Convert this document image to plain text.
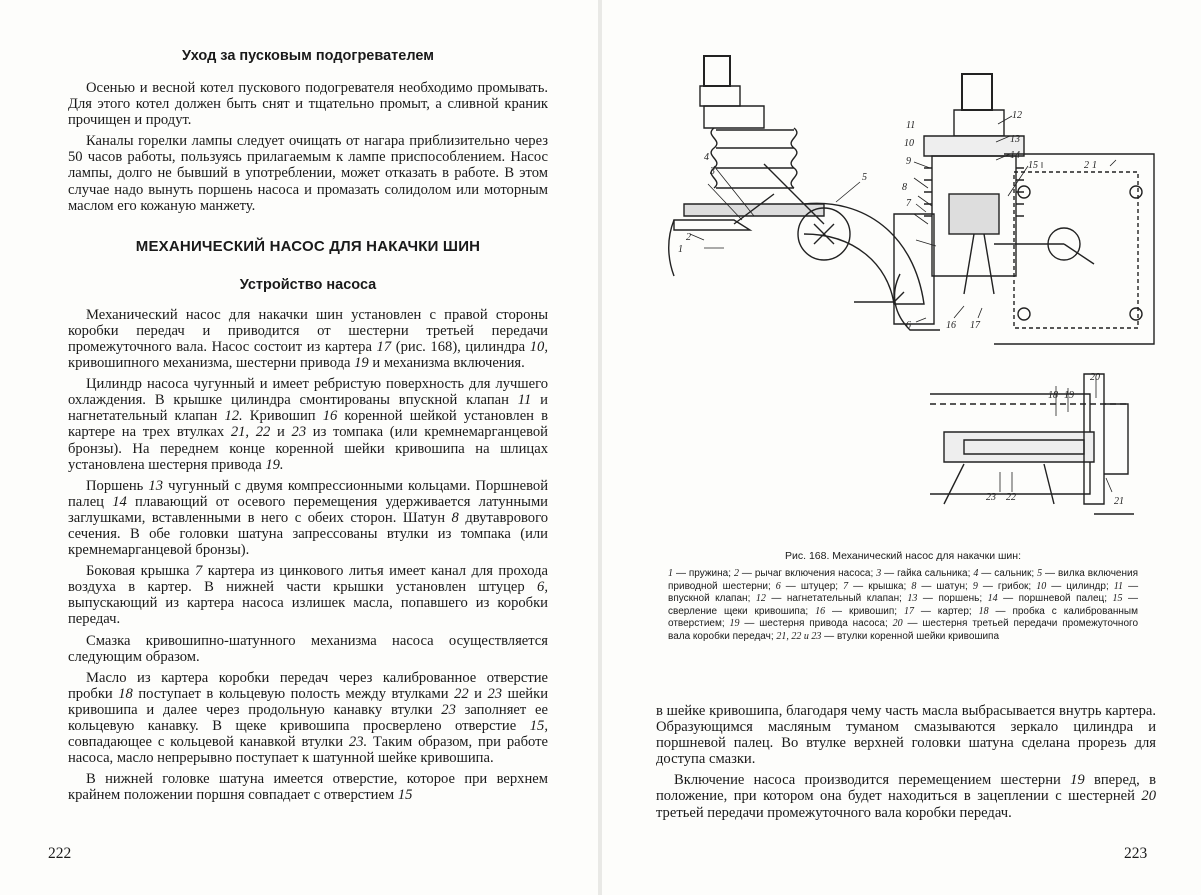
Уход за пусковым подогревателем

Осенью и весной котел пускового подогревателя необходимо промывать. Для этого котел должен быть снят и тщательно промыт, а сливной краник прочищен и продут.

Каналы горелки лампы следует очищать от нагара приблизительно через 50 часов работы, пользуясь прилагаемым к лампе приспособлением. Насос лампы, долго не бывший в употреблении, может отказать в работе. В этом случае надо вынуть поршень насоса и промазать солидолом или моторным маслом его кожаную манжету.

МЕХАНИЧЕСКИЙ НАСОС ДЛЯ НАКАЧКИ ШИН
Устройство насоса

Механический насос для накачки шин установлен с правой стороны коробки передач и приводится от шестерни третьей передачи промежуточного вала. Насос состоит из картера 17 (рис. 168), цилиндра 10, кривошипного механизма, шестерни привода 19 и механизма включения.

Цилиндр насоса чугунный и имеет ребристую поверхность для лучшего охлаждения. В крышке цилиндра смонтированы впускной клапан 11 и нагнетательный клапан 12. Кривошип 16 коренной шейкой установлен в картере на трех втулках 21, 22 и 23 из томпака (или кремнемарганцевой бронзы). На переднем конце коренной шейки кривошипа на шлицах установлена шестерня привода 19.

Поршень 13 чугунный с двумя компрессионными кольцами. Поршневой палец 14 плавающий от осевого перемещения удерживается латунными заглушками, вставленными в него с обеих сторон. Шатун 8 двутаврового сечения. В обе головки шатуна запрессованы втулки из томпака (или кремнемарганцевой бронзы).

Боковая крышка 7 картера из цинкового литья имеет канал для прохода воздуха в картер. В нижней части крышки установлен штуцер 6, выпускающий из картера насоса излишек масла, попавшего из коробки передач.

Смазка кривошипно-шатунного механизма насоса осуществляется следующим образом.

Масло из картера коробки передач через калиброванное отверстие пробки 18 поступает в кольцевую полость между втулками 22 и 23 шейки кривошипа и далее через продольную канавку втулки 23 заполняет ее кольцевую канавку. В щеке кривошипа просверлено отверстие 15, совпадающее с кольцевой канавкой втулки 23. Таким образом, при работе насоса, масло непрерывно поступает к шатунной шейке кривошипа.

В нижней головке шатуна имеется отверстие, которое при верхнем крайнем положении поршня совпадает с отверстием 15

222
1
3
4
5
2
6
7
8
9
10
11
12
13
14
15
16 17
18 19
20
21
22
23
2 1
Рис. 168. Механический насос для накачки шин:
1 — пружина; 2 — рычаг включения насоса; 3 — гайка сальника; 4 — сальник; 5 — вилка включения приводной шестерни; 6 — штуцер; 7 — крышка; 8 — шатун; 9 — грибок; 10 — цилиндр; 11 — впускной клапан; 12 — нагнетательный клапан; 13 — поршень; 14 — поршневой палец; 15 — сверление щеки кривошипа; 16 — кривошип; 17 — картер; 18 — пробка с калиброванным отверстием; 19 — шестерня привода насоса; 20 — шестерня третьей передачи промежуточного вала коробки передач; 21, 22 и 23 — втулки коренной шейки кривошипа

в шейке кривошипа, благодаря чему часть масла выбрасывается внутрь картера. Образующимся масляным туманом смазываются зеркало цилиндра и поршневой палец. Во втулке верхней головки шатуна сделана прорезь для доступа смазки.

Включение насоса производится перемещением шестерни 19 вперед, в положение, при котором она будет находиться в зацеплении с шестерней 20 третьей передачи промежуточного вала коробки передач.

223
